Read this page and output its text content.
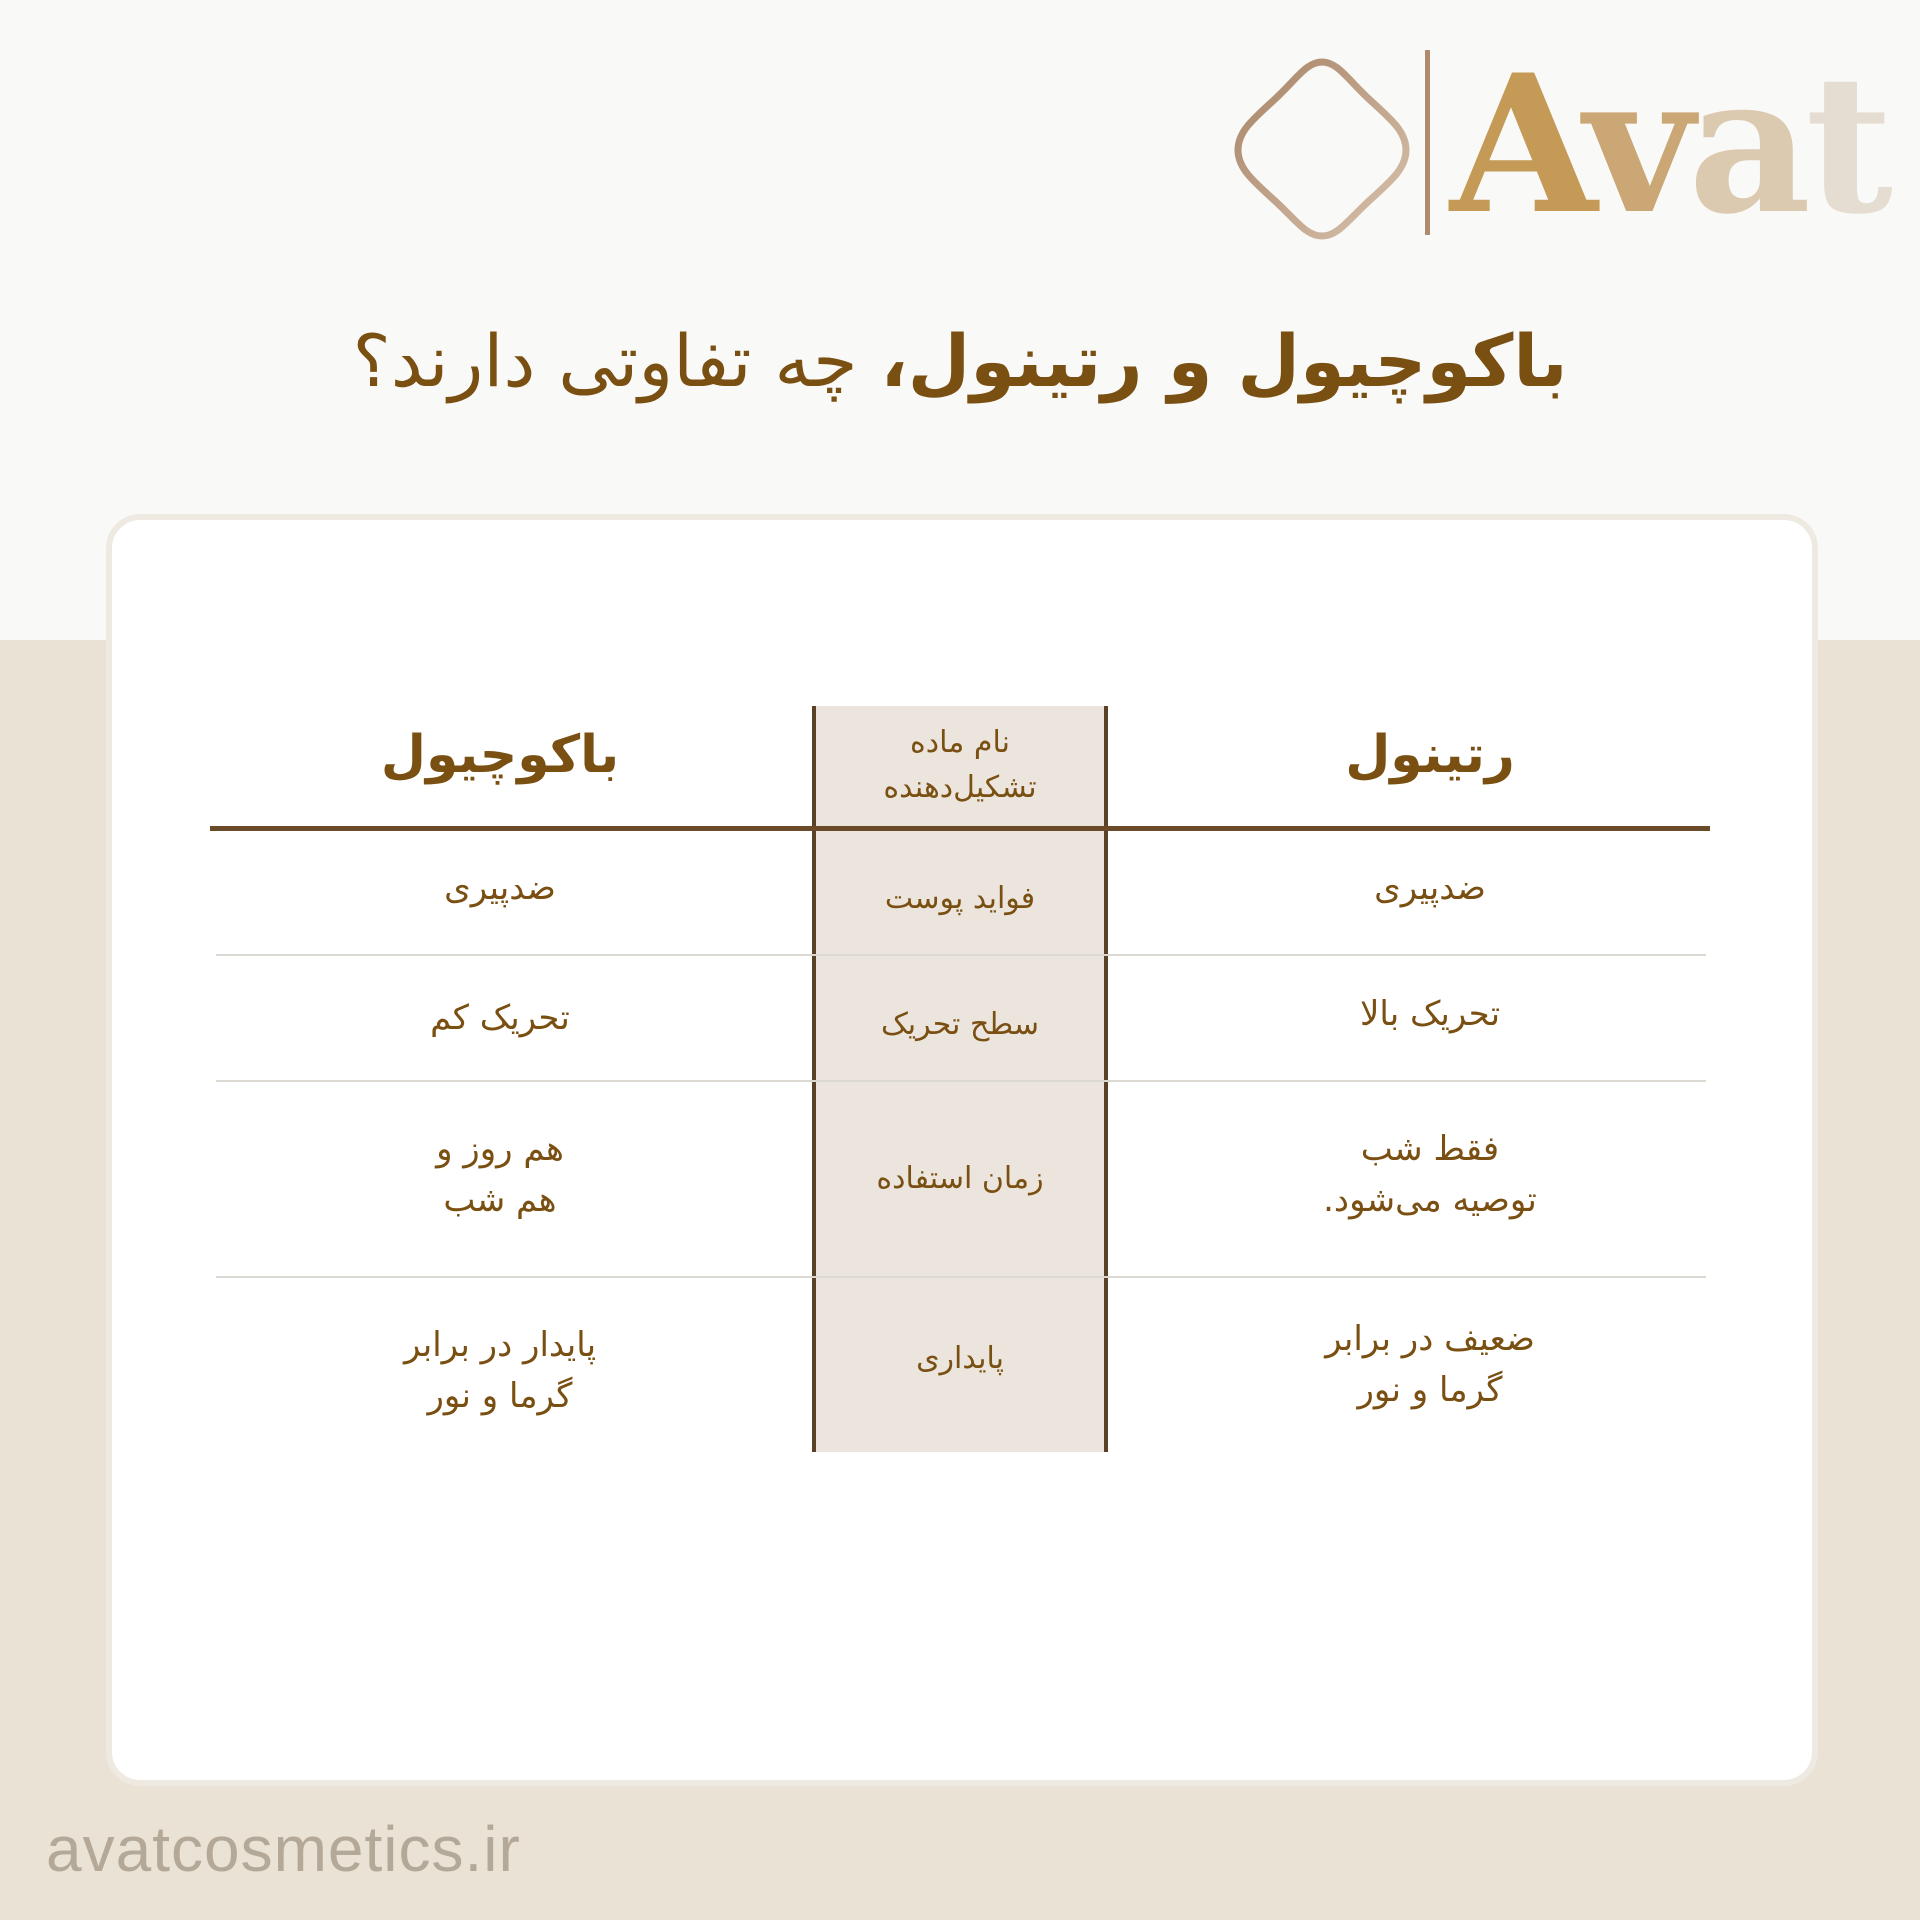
Avat
باکوچیول و رتینول، چه تفاوتی دارند؟
رتینول
نام ماده
تشکیل‌دهنده
باکوچیول
ضدپیری
فواید پوست
ضدپیری
تحریک بالا
سطح تحریک
تحریک کم
فقط شب
توصیه می‌شود.
زمان استفاده
هم روز و
هم شب
ضعیف در برابر
گرما و نور
پایداری
پایدار در برابر
گرما و نور
avatcosmetics.ir
